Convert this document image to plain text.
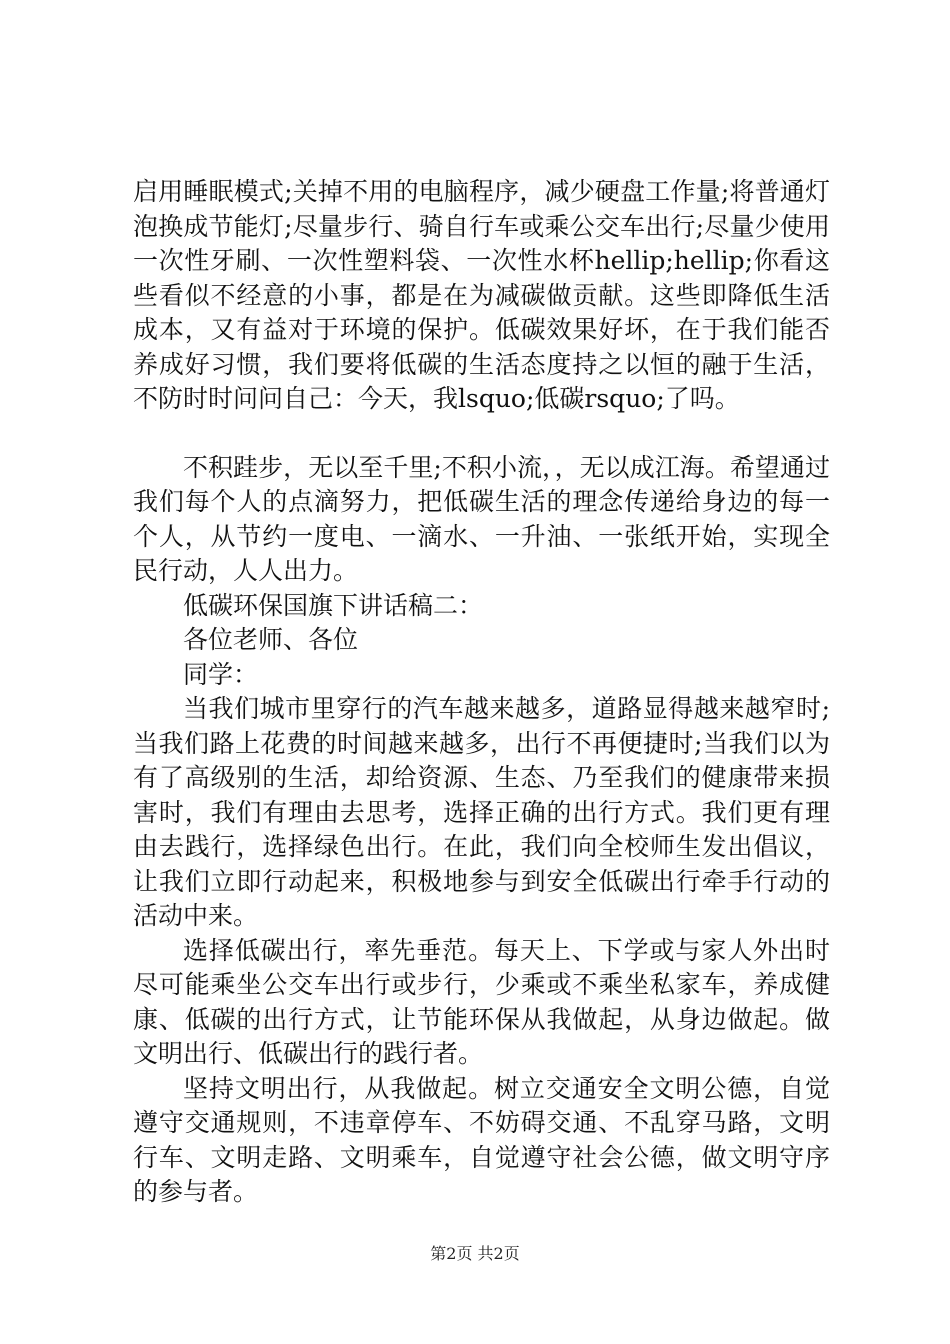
启用睡眠模式;关掉不用的电脑程序，减少硬盘工作量;将普通灯泡换成节能灯;尽量步行、骑自行车或乘公交车出行;尽量少使用一次性牙刷、一次性塑料袋、一次性水杯hellip;hellip;你看这些看似不经意的小事，都是在为减碳做贡献。这些即降低生活成本，又有益对于环境的保护。低碳效果好坏，在于我们能否养成好习惯，我们要将低碳的生活态度持之以恒的融于生活，不防时时问问自己：今天，我lsquo;低碳rsquo;了吗。

不积跬步，无以至千里;不积小流，，无以成江海。希望通过我们每个人的点滴努力，把低碳生活的理念传递给身边的每一个人，从节约一度电、一滴水、一升油、一张纸开始，实现全民行动，人人出力。

低碳环保国旗下讲话稿二：

各位老师、各位

同学：

当我们城市里穿行的汽车越来越多，道路显得越来越窄时;当我们路上花费的时间越来越多，出行不再便捷时;当我们以为有了高级别的生活，却给资源、生态、乃至我们的健康带来损害时，我们有理由去思考，选择正确的出行方式。我们更有理由去践行，选择绿色出行。在此，我们向全校师生发出倡议，让我们立即行动起来，积极地参与到安全低碳出行牵手行动的活动中来。

选择低碳出行，率先垂范。每天上、下学或与家人外出时尽可能乘坐公交车出行或步行，少乘或不乘坐私家车，养成健康、低碳的出行方式，让节能环保从我做起，从身边做起。做文明出行、低碳出行的践行者。

坚持文明出行，从我做起。树立交通安全文明公德，自觉遵守交通规则，不违章停车、不妨碍交通、不乱穿马路，文明行车、文明走路、文明乘车，自觉遵守社会公德，做文明守序的参与者。

第2页 共2页
